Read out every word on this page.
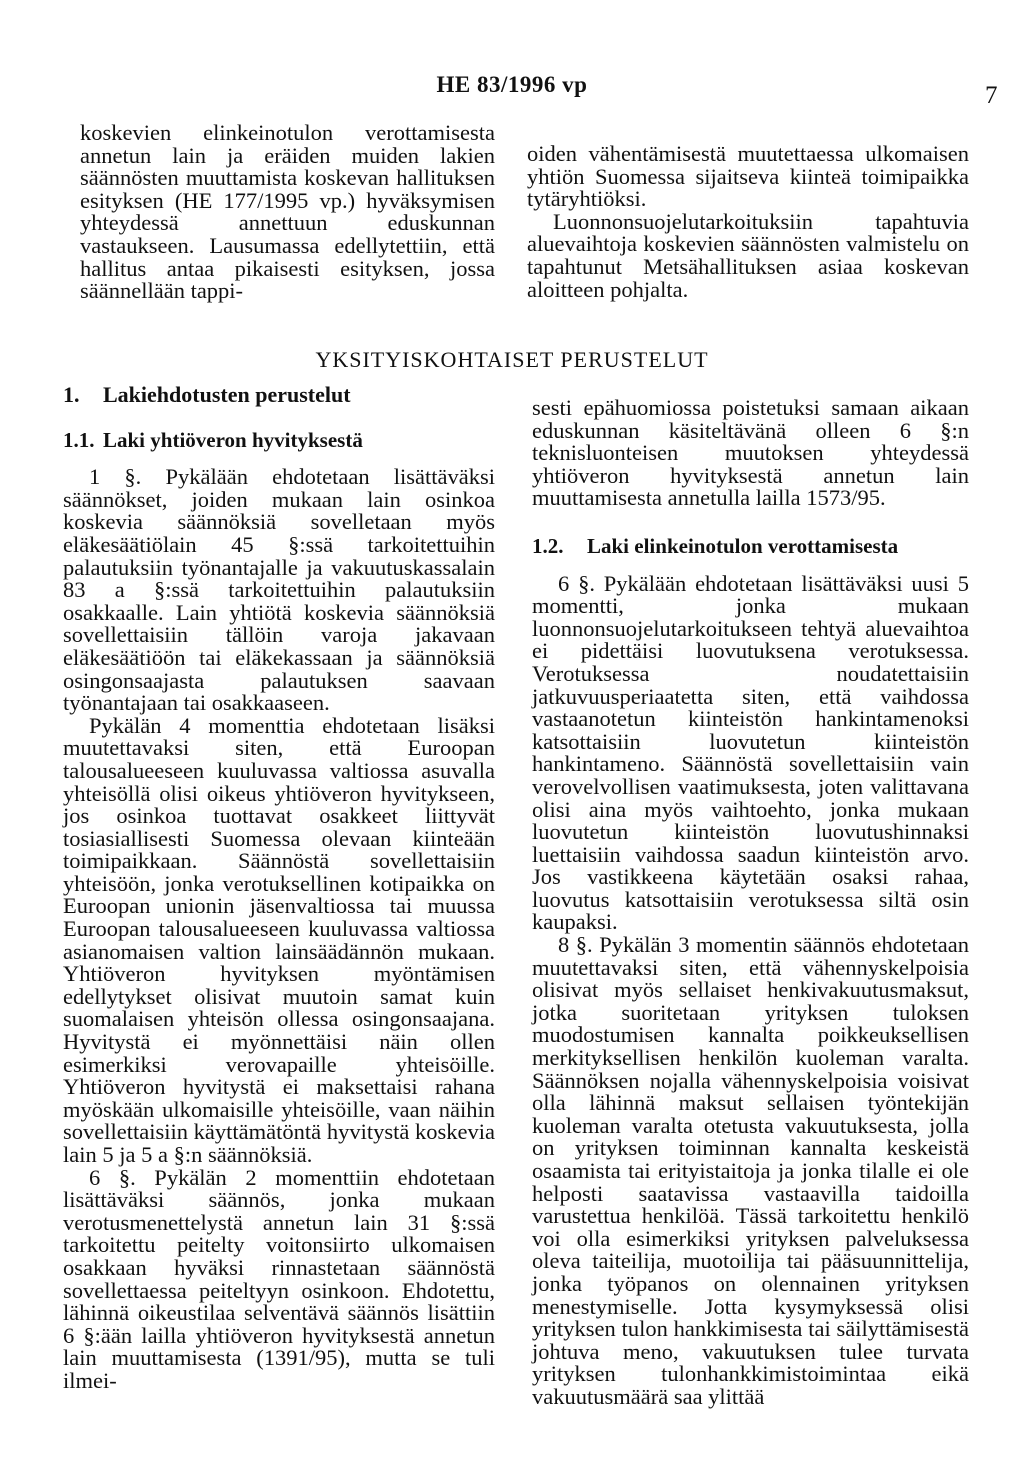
HE 83/1996 vp	7

koskevien elinkeinotulon verottamisesta annetun lain ja eräiden muiden lakien säännösten muuttamista koskevan hallituksen esityksen (HE 177/1995 vp.) hyväksymisen yhteydessä annettuun eduskunnan vastaukseen. Lausumassa edellytettiin, että hallitus antaa pikaisesti esityksen, jossa säännellään tappi-

oiden vähentämisestä muutettaessa ulkomaisen yhtiön Suomessa sijaitseva kiinteä toimipaikka tytäryhtiöksi.

Luonnonsuojelutarkoituksiin tapahtuvia aluevaihtoja koskevien säännösten valmistelu on tapahtunut Metsähallituksen asiaa koskevan aloitteen pohjalta.

YKSITYISKOHTAISET PERUSTELUT
1. Lakiehdotusten perustelut
1.1. Laki yhtiöveron hyvityksestä

1 §. Pykälään ehdotetaan lisättäväksi säännökset, joiden mukaan lain osinkoa koskevia säännöksiä sovelletaan myös eläkesäätiölain 45 §:ssä tarkoitettuihin palautuksiin työnantajalle ja vakuutuskassalain 83 a §:ssä tarkoitettuihin palautuksiin osakkaalle. Lain yhtiötä koskevia säännöksiä sovellettaisiin tällöin varoja jakavaan eläkesäätiöön tai eläkekassaan ja säännöksiä osingonsaajasta palautuksen saavaan työnantajaan tai osakkaaseen.

Pykälän 4 momenttia ehdotetaan lisäksi muutettavaksi siten, että Euroopan talousalueeseen kuuluvassa valtiossa asuvalla yhteisöllä olisi oikeus yhtiöveron hyvitykseen, jos osinkoa tuottavat osakkeet liittyvät tosiasiallisesti Suomessa olevaan kiinteään toimipaikkaan. Säännöstä sovellettaisiin yhteisöön, jonka verotuksellinen kotipaikka on Euroopan unionin jäsenvaltiossa tai muussa Euroopan talousalueeseen kuuluvassa valtiossa asianomaisen valtion lainsäädännön mukaan. Yhtiöveron hyvityksen myöntämisen edellytykset olisivat muutoin samat kuin suomalaisen yhteisön ollessa osingonsaajana. Hyvitystä ei myönnettäisi näin ollen esimerkiksi verovapaille yhteisöille. Yhtiöveron hyvitystä ei maksettaisi rahana myöskään ulkomaisille yhteisöille, vaan näihin sovellettaisiin käyttämätöntä hyvitystä koskevia lain 5 ja 5 a §:n säännöksiä.

6 §. Pykälän 2 momenttiin ehdotetaan lisättäväksi säännös, jonka mukaan verotusmenettelystä annetun lain 31 §:ssä tarkoitettu peitelty voitonsiirto ulkomaisen osakkaan hyväksi rinnastetaan säännöstä sovellettaessa peiteltyyn osinkoon. Ehdotettu, lähinnä oikeustilaa selventävä säännös lisättiin 6 §:ään lailla yhtiöveron hyvityksestä annetun lain muuttamisesta (1391/95), mutta se tuli ilmei-

sesti epähuomiossa poistetuksi samaan aikaan eduskunnan käsiteltävänä olleen 6 §:n teknisluonteisen muutoksen yhteydessä yhtiöveron hyvityksestä annetun lain muuttamisesta annetulla lailla 1573/95.

1.2. Laki elinkeinotulon verottamisesta

6 §. Pykälään ehdotetaan lisättäväksi uusi 5 momentti, jonka mukaan luonnonsuojelutarkoitukseen tehtyä aluevaihtoa ei pidettäisi luovutuksena verotuksessa. Verotuksessa noudatettaisiin jatkuvuusperiaatetta siten, että vaihdossa vastaanotetun kiinteistön hankintamenoksi katsottaisiin luovutetun kiinteistön hankintameno. Säännöstä sovellettaisiin vain verovelvollisen vaatimuksesta, joten valittavana olisi aina myös vaihtoehto, jonka mukaan luovutetun kiinteistön luovutushinnaksi luettaisiin vaihdossa saadun kiinteistön arvo. Jos vastikkeena käytetään osaksi rahaa, luovutus katsottaisiin verotuksessa siltä osin kaupaksi.

8 §. Pykälän 3 momentin säännös ehdotetaan muutettavaksi siten, että vähennyskelpoisia olisivat myös sellaiset henkivakuutusmaksut, jotka suoritetaan yrityksen tuloksen muodostumisen kannalta poikkeuksellisen merkityksellisen henkilön kuoleman varalta. Säännöksen nojalla vähennyskelpoisia voisivat olla lähinnä maksut sellaisen työntekijän kuoleman varalta otetusta vakuutuksesta, jolla on yrityksen toiminnan kannalta keskeistä osaamista tai erityistaitoja ja jonka tilalle ei ole helposti saatavissa vastaavilla taidoilla varustettua henkilöä. Tässä tarkoitettu henkilö voi olla esimerkiksi yrityksen palveluksessa oleva taiteilija, muotoilija tai pääsuunnittelija, jonka työpanos on olennainen yrityksen menestymiselle. Jotta kysymyksessä olisi yrityksen tulon hankkimisesta tai säilyttämisestä johtuva meno, vakuutuksen tulee turvata yrityksen tulonhankkimistoimintaa eikä vakuutusmäärä saa ylittää
